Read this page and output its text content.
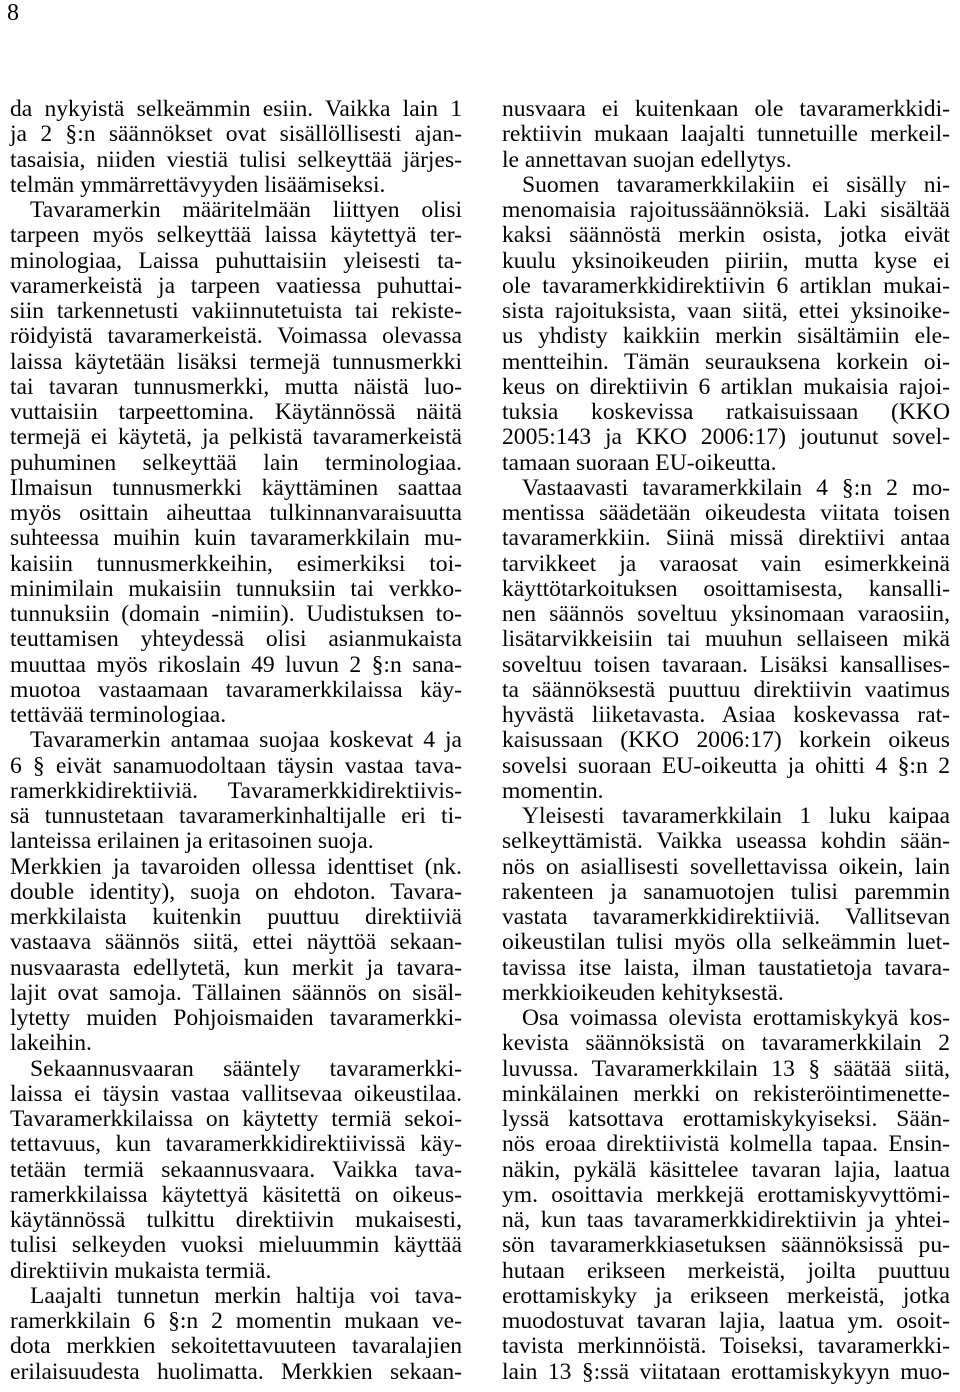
8
da nykyistä selkeämmin esiin. Vaikka lain 1
ja 2 §:n säännökset ovat sisällöllisesti ajan-
tasaisia, niiden viestiä tulisi selkeyttää järjes-
telmän ymmärrettävyyden lisäämiseksi.
Tavaramerkin määritelmään liittyen olisi
tarpeen myös selkeyttää laissa käytettyä ter-
minologiaa, Laissa puhuttaisiin yleisesti ta-
varamerkeistä ja tarpeen vaatiessa puhuttai-
siin tarkennetusti vakiinnutetuista tai rekiste-
röidyistä tavaramerkeistä. Voimassa olevassa
laissa käytetään lisäksi termejä tunnusmerkki
tai tavaran tunnusmerkki, mutta näistä luo-
vuttaisiin tarpeettomina. Käytännössä näitä
termejä ei käytetä, ja pelkistä tavaramerkeistä
puhuminen selkeyttää lain terminologiaa.
Ilmaisun tunnusmerkki käyttäminen saattaa
myös osittain aiheuttaa tulkinnanvaraisuutta
suhteessa muihin kuin tavaramerkkilain mu-
kaisiin tunnusmerkkeihin, esimerkiksi toi-
minimilain mukaisiin tunnuksiin tai verkko-
tunnuksiin (domain -nimiin). Uudistuksen to-
teuttamisen yhteydessä olisi asianmukaista
muuttaa myös rikoslain 49 luvun 2 §:n sana-
muotoa vastaamaan tavaramerkkilaissa käy-
tettävää terminologiaa.
Tavaramerkin antamaa suojaa koskevat 4 ja
6 § eivät sanamuodoltaan täysin vastaa tava-
ramerkkidirektiiviä. Tavaramerkkidirektiivis-
sä tunnustetaan tavaramerkinhaltijalle eri ti-
lanteissa erilainen ja eritasoinen suoja.
Merkkien ja tavaroiden ollessa identtiset (nk.
double identity), suoja on ehdoton. Tavara-
merkkilaista kuitenkin puuttuu direktiiviä
vastaava säännös siitä, ettei näyttöä sekaan-
nusvaarasta edellytetä, kun merkit ja tavara-
lajit ovat samoja. Tällainen säännös on sisäl-
lytetty muiden Pohjoismaiden tavaramerkki-
lakeihin.
Sekaannusvaaran sääntely tavaramerkki-
laissa ei täysin vastaa vallitsevaa oikeustilaa.
Tavaramerkkilaissa on käytetty termiä sekoi-
tettavuus, kun tavaramerkkidirektiivissä käy-
tetään termiä sekaannusvaara. Vaikka tava-
ramerkkilaissa käytettyä käsitettä on oikeus-
käytännössä tulkittu direktiivin mukaisesti,
tulisi selkeyden vuoksi mieluummin käyttää
direktiivin mukaista termiä.
Laajalti tunnetun merkin haltija voi tava-
ramerkkilain 6 §:n 2 momentin mukaan ve-
dota merkkien sekoitettavuuteen tavaralajien
erilaisuudesta huolimatta. Merkkien sekaan-
nusvaara ei kuitenkaan ole tavaramerkkidi-
rektiivin mukaan laajalti tunnetuille merkeil-
le annettavan suojan edellytys.
Suomen tavaramerkkilakiin ei sisälly ni-
menomaisia rajoitussäännöksiä. Laki sisältää
kaksi säännöstä merkin osista, jotka eivät
kuulu yksinoikeuden piiriin, mutta kyse ei
ole tavaramerkkidirektiivin 6 artiklan mukai-
sista rajoituksista, vaan siitä, ettei yksinoike-
us yhdisty kaikkiin merkin sisältämiin ele-
mentteihin. Tämän seurauksena korkein oi-
keus on direktiivin 6 artiklan mukaisia rajoi-
tuksia koskevissa ratkaisuissaan (KKO
2005:143 ja KKO 2006:17) joutunut sovel-
tamaan suoraan EU-oikeutta.
Vastaavasti tavaramerkkilain 4 §:n 2 mo-
mentissa säädetään oikeudesta viitata toisen
tavaramerkkiin. Siinä missä direktiivi antaa
tarvikkeet ja varaosat vain esimerkkeinä
käyttötarkoituksen osoittamisesta, kansalli-
nen säännös soveltuu yksinomaan varaosiin,
lisätarvikkeisiin tai muuhun sellaiseen mikä
soveltuu toisen tavaraan. Lisäksi kansallises-
ta säännöksestä puuttuu direktiivin vaatimus
hyvästä liiketavasta. Asiaa koskevassa rat-
kaisussaan (KKO 2006:17) korkein oikeus
sovelsi suoraan EU-oikeutta ja ohitti 4 §:n 2
momentin.
Yleisesti tavaramerkkilain 1 luku kaipaa
selkeyttämistä. Vaikka useassa kohdin sään-
nös on asiallisesti sovellettavissa oikein, lain
rakenteen ja sanamuotojen tulisi paremmin
vastata tavaramerkkidirektiiviä. Vallitsevan
oikeustilan tulisi myös olla selkeämmin luet-
tavissa itse laista, ilman taustatietoja tavara-
merkkioikeuden kehityksestä.
Osa voimassa olevista erottamiskykyä kos-
kevista säännöksistä on tavaramerkkilain 2
luvussa. Tavaramerkkilain 13 § säätää siitä,
minkälainen merkki on rekisteröintimenette-
lyssä katsottava erottamiskykyiseksi. Sään-
nös eroaa direktiivistä kolmella tapaa. Ensin-
näkin, pykälä käsittelee tavaran lajia, laatua
ym. osoittavia merkkejä erottamiskyvyttömi-
nä, kun taas tavaramerkkidirektiivin ja yhtei-
sön tavaramerkkiasetuksen säännöksissä pu-
hutaan erikseen merkeistä, joilta puuttuu
erottamiskyky ja erikseen merkeistä, jotka
muodostuvat tavaran lajia, laatua ym. osoit-
tavista merkinnöistä. Toiseksi, tavaramerkki-
lain 13 §:ssä viitataan erottamiskykyyn muo-
